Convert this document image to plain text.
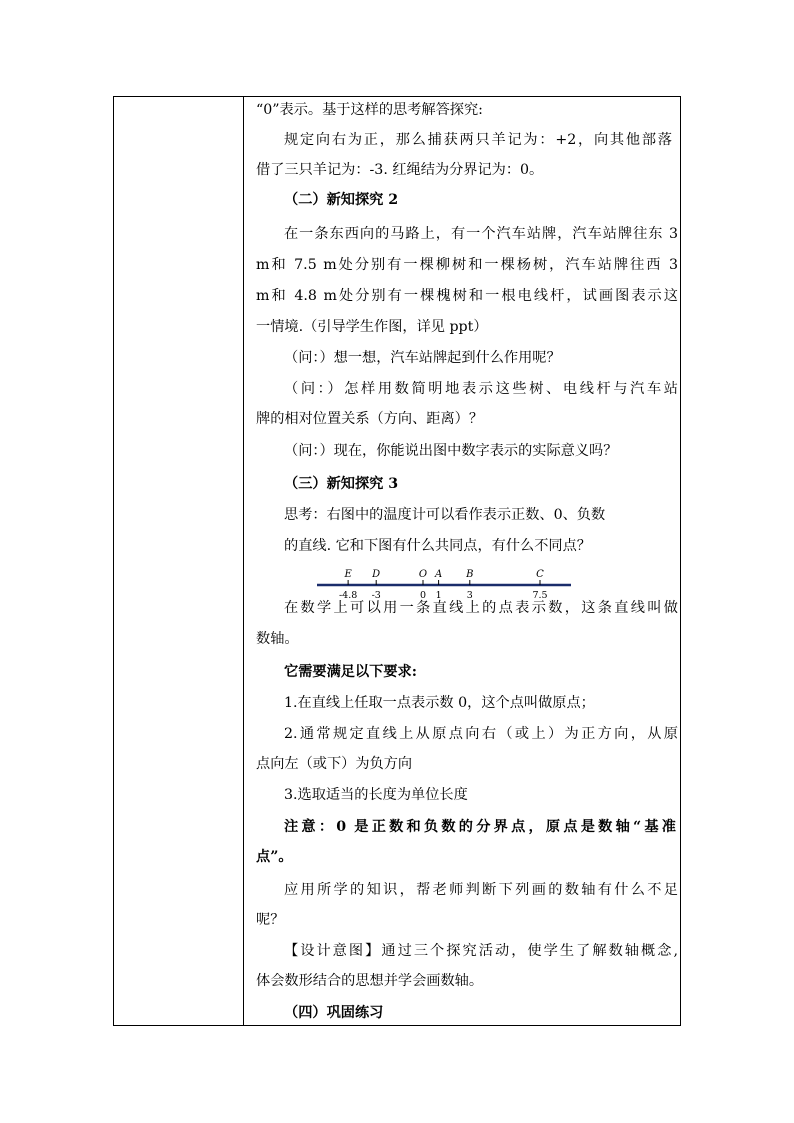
“0”表示。基于这样的思考解答探究:
规定向右为正，那么捕获两只羊记为：+2，向其他部落
借了三只羊记为：-3. 红绳结为分界记为：0。
（二）新知探究 2
在一条东西向的马路上，有一个汽车站牌，汽车站牌往东 3
m和 7.5 m处分别有一棵柳树和一棵杨树，汽车站牌往西 3
m和 4.8 m处分别有一棵槐树和一根电线杆，试画图表示这
一情境.（引导学生作图，详见 ppt）
（问：）想一想，汽车站牌起到什么作用呢？
（问：）怎样用数简明地表示这些树、电线杆与汽车站
牌的相对位置关系（方向、距离）？
（问：）现在，你能说出图中数字表示的实际意义吗？
（三）新知探究 3
思考：右图中的温度计可以看作表示正数、0、负数
的直线. 它和下图有什么共同点，有什么不同点？
E
-4.8
D
-3
O
0
A
1
B
3
C
7.5
在数学上可以用一条直线上的点表示数，这条直线叫做
数轴。
它需要满足以下要求:
1.在直线上任取一点表示数 0，这个点叫做原点；
2.通常规定直线上从原点向右（或上）为正方向，从原
点向左（或下）为负方向
3.选取适当的长度为单位长度
注意：0 是正数和负数的分界点，原点是数轴“基准
点”。
应用所学的知识，帮老师判断下列画的数轴有什么不足
呢？
【设计意图】通过三个探究活动，使学生了解数轴概念,
体会数形结合的思想并学会画数轴。
（四）巩固练习
